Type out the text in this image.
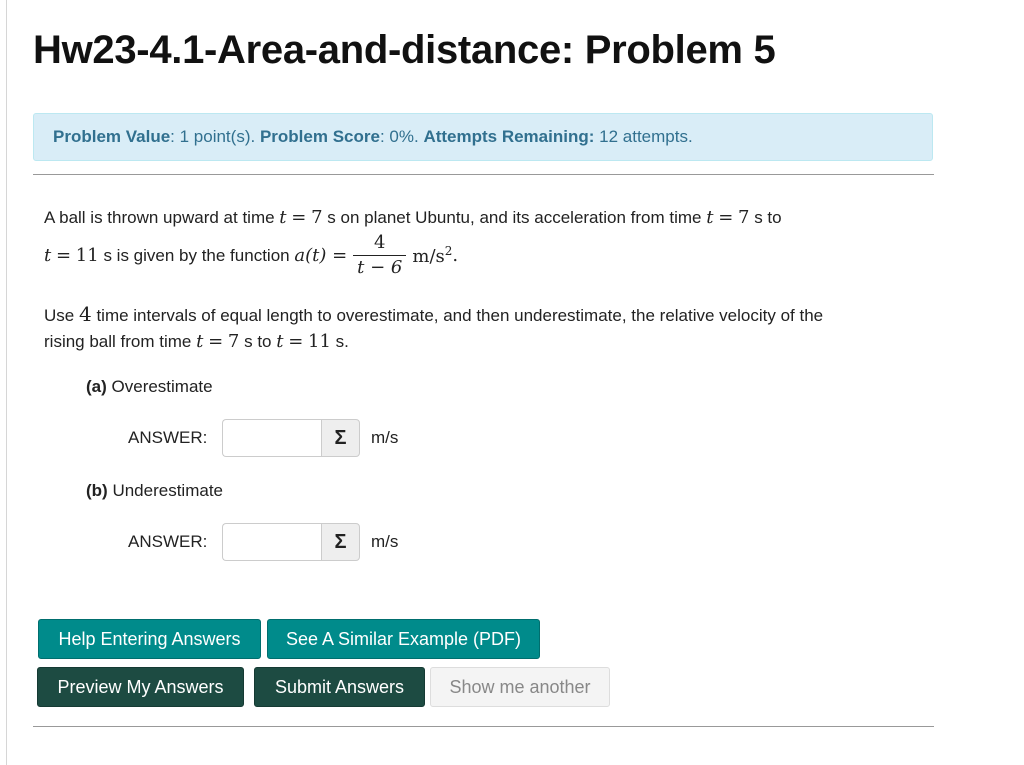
Hw23-4.1-Area-and-distance: Problem 5
Problem Value: 1 point(s). Problem Score: 0%. Attempts Remaining: 12 attempts.
A ball is thrown upward at time t = 7 s on planet Ubuntu, and its acceleration from time t = 7 s to
t
=
11
s is given by the function
$a(t) = \frac{4}{t - 6} m/s^2$ .
Use 4 time intervals of equal length to overestimate, and then underestimate, the relative velocity of the
rising ball from time t = 7 s to t = 11 s.
(a) Overestimate
ANSWER:	Σ	m/s
(b) Underestimate
ANSWER:	Σ	m/s
Help Entering Answers	See A Similar Example (PDF)
Preview My Answers	Submit Answers	Show me another
